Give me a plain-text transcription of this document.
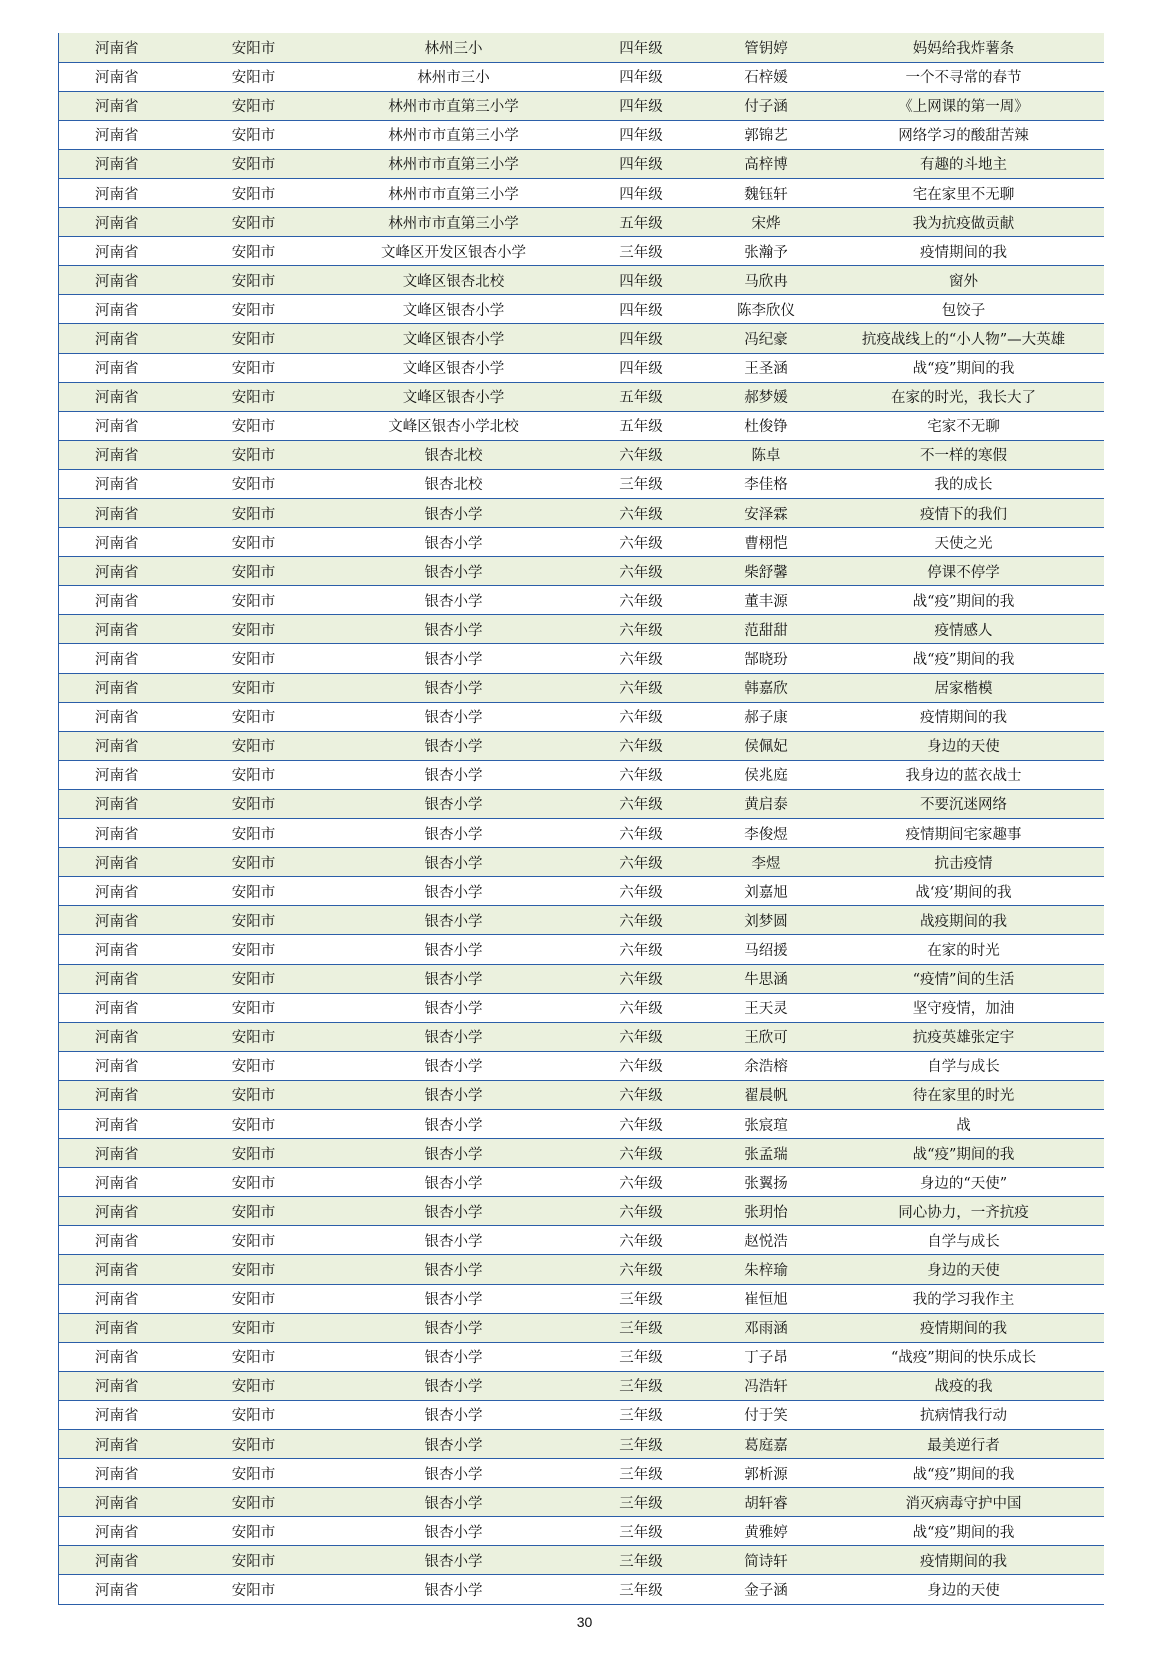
河南省	安阳市	林州三小	四年级	管钥婷	妈妈给我炸薯条
河南省	安阳市	林州市三小	四年级	石梓媛	一个不寻常的春节
河南省	安阳市	林州市市直第三小学	四年级	付子涵	《上网课的第一周》
河南省	安阳市	林州市市直第三小学	四年级	郭锦艺	网络学习的酸甜苦辣
河南省	安阳市	林州市市直第三小学	四年级	高梓博	有趣的斗地主
河南省	安阳市	林州市市直第三小学	四年级	魏钰轩	宅在家里不无聊
河南省	安阳市	林州市市直第三小学	五年级	宋烨	我为抗疫做贡献
河南省	安阳市	文峰区开发区银杏小学	三年级	张瀚予	疫情期间的我
河南省	安阳市	文峰区银杏北校	四年级	马欣冉	窗外
河南省	安阳市	文峰区银杏小学	四年级	陈李欣仪	包饺子
河南省	安阳市	文峰区银杏小学	四年级	冯纪豪	抗疫战线上的“小人物”—大英雄
河南省	安阳市	文峰区银杏小学	四年级	王圣涵	战“疫”期间的我
河南省	安阳市	文峰区银杏小学	五年级	郝梦媛	在家的时光，我长大了
河南省	安阳市	文峰区银杏小学北校	五年级	杜俊铮	宅家不无聊
河南省	安阳市	银杏北校	六年级	陈卓	不一样的寒假
河南省	安阳市	银杏北校	三年级	李佳格	我的成长
河南省	安阳市	银杏小学	六年级	安泽霖	疫情下的我们
河南省	安阳市	银杏小学	六年级	曹栩恺	天使之光
河南省	安阳市	银杏小学	六年级	柴舒馨	停课不停学
河南省	安阳市	银杏小学	六年级	董丰源	战“疫”期间的我
河南省	安阳市	银杏小学	六年级	范甜甜	疫情感人
河南省	安阳市	银杏小学	六年级	郜晓玢	战“疫”期间的我
河南省	安阳市	银杏小学	六年级	韩嘉欣	居家楷模
河南省	安阳市	银杏小学	六年级	郝子康	疫情期间的我
河南省	安阳市	银杏小学	六年级	侯佩妃	身边的天使
河南省	安阳市	银杏小学	六年级	侯兆庭	我身边的蓝衣战士
河南省	安阳市	银杏小学	六年级	黄启泰	不要沉迷网络
河南省	安阳市	银杏小学	六年级	李俊煜	疫情期间宅家趣事
河南省	安阳市	银杏小学	六年级	李煜	抗击疫情
河南省	安阳市	银杏小学	六年级	刘嘉旭	战‘疫’期间的我
河南省	安阳市	银杏小学	六年级	刘梦圆	战疫期间的我
河南省	安阳市	银杏小学	六年级	马绍援	在家的时光
河南省	安阳市	银杏小学	六年级	牛思涵	“疫情”间的生活
河南省	安阳市	银杏小学	六年级	王天灵	坚守疫情，加油
河南省	安阳市	银杏小学	六年级	王欣可	抗疫英雄张定宇
河南省	安阳市	银杏小学	六年级	余浩榕	自学与成长
河南省	安阳市	银杏小学	六年级	翟晨帆	待在家里的时光
河南省	安阳市	银杏小学	六年级	张宸瑄	战
河南省	安阳市	银杏小学	六年级	张孟瑞	战“疫”期间的我
河南省	安阳市	银杏小学	六年级	张翼扬	身边的“天使”
河南省	安阳市	银杏小学	六年级	张玥怡	同心协力，一齐抗疫
河南省	安阳市	银杏小学	六年级	赵悦浩	自学与成长
河南省	安阳市	银杏小学	六年级	朱梓瑜	身边的天使
河南省	安阳市	银杏小学	三年级	崔恒旭	我的学习我作主
河南省	安阳市	银杏小学	三年级	邓雨涵	疫情期间的我
河南省	安阳市	银杏小学	三年级	丁子昂	“战疫”期间的快乐成长
河南省	安阳市	银杏小学	三年级	冯浩轩	战疫的我
河南省	安阳市	银杏小学	三年级	付于笑	抗病情我行动
河南省	安阳市	银杏小学	三年级	葛庭嘉	最美逆行者
河南省	安阳市	银杏小学	三年级	郭析源	战“疫”期间的我
河南省	安阳市	银杏小学	三年级	胡轩睿	消灭病毒守护中国
河南省	安阳市	银杏小学	三年级	黄雅婷	战“疫”期间的我
河南省	安阳市	银杏小学	三年级	简诗轩	疫情期间的我
河南省	安阳市	银杏小学	三年级	金子涵	身边的天使
30
